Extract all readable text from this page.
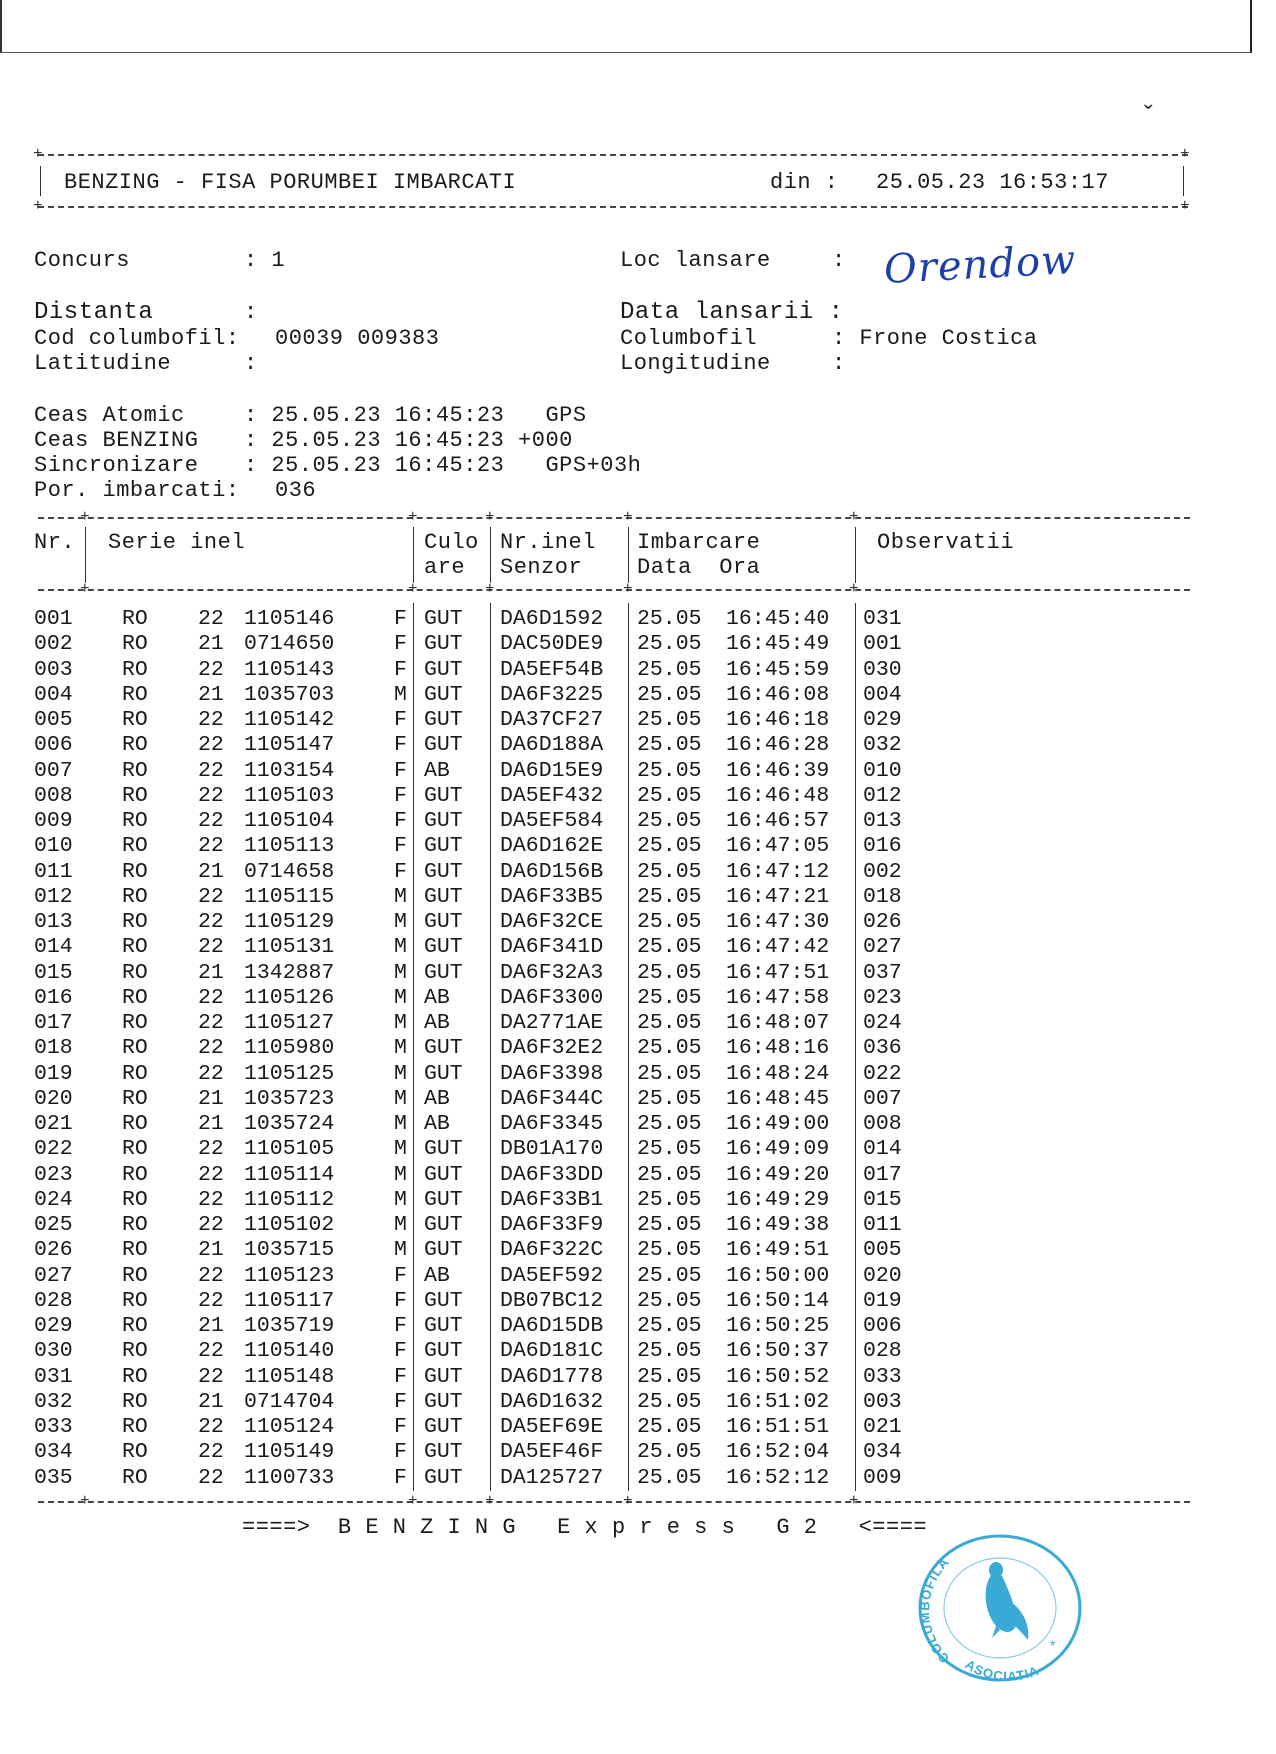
ˇ
+	+
+	+
BENZING - FISA PORUMBEI IMBARCATI	din : 25.05.23 16:53:17
Concurs	: 1	Loc lansare	: Orendow
Distanta	:	Data lansarii :
Cod columbofil: 00039 009383	Columbofil	: Frone Costica
Latitudine	:	Longitudine	:
Ceas Atomic	: 25.05.23 16:45:23   GPS
Ceas BENZING : 25.05.23 16:45:23 +000
Sincronizare : 25.05.23 16:45:23   GPS+03h
Por. imbarcati: 036
+	+	+	+	+
+	+	+	+	+
+	+	+	+	+
Nr. Serie inel	Culo
are
Nr.inel
Senzor
Imbarcare
Data  Ora
Observatii
001 RO 22 1105146	F GUT DA6D1592 25.05 16:45:40 031
002 RO 21 0714650	F GUT DAC50DE9 25.05 16:45:49 001
003 RO 22 1105143	F GUT DA5EF54B 25.05 16:45:59 030
004 RO 21 1035703	M GUT DA6F3225 25.05 16:46:08 004
005 RO 22 1105142	F GUT DA37CF27 25.05 16:46:18 029
006 RO 22 1105147	F GUT DA6D188A 25.05 16:46:28 032
007 RO 22 1103154	F AB DA6D15E9 25.05 16:46:39 010
008 RO 22 1105103	F GUT DA5EF432 25.05 16:46:48 012
009 RO 22 1105104	F GUT DA5EF584 25.05 16:46:57 013
010 RO 22 1105113	F GUT DA6D162E 25.05 16:47:05 016
011 RO 21 0714658	F GUT DA6D156B 25.05 16:47:12 002
012 RO 22 1105115	M GUT DA6F33B5 25.05 16:47:21 018
013 RO 22 1105129	M GUT DA6F32CE 25.05 16:47:30 026
014 RO 22 1105131	M GUT DA6F341D 25.05 16:47:42 027
015 RO 21 1342887	M GUT DA6F32A3 25.05 16:47:51 037
016 RO 22 1105126	M AB DA6F3300 25.05 16:47:58 023
017 RO 22 1105127	M AB DA2771AE 25.05 16:48:07 024
018 RO 22 1105980	M GUT DA6F32E2 25.05 16:48:16 036
019 RO 22 1105125	M GUT DA6F3398 25.05 16:48:24 022
020 RO 21 1035723	M AB DA6F344C 25.05 16:48:45 007
021 RO 21 1035724	M AB DA6F3345 25.05 16:49:00 008
022 RO 22 1105105	M GUT DB01A170 25.05 16:49:09 014
023 RO 22 1105114	M GUT DA6F33DD 25.05 16:49:20 017
024 RO 22 1105112	M GUT DA6F33B1 25.05 16:49:29 015
025 RO 22 1105102	M GUT DA6F33F9 25.05 16:49:38 011
026 RO 21 1035715	M GUT DA6F322C 25.05 16:49:51 005
027 RO 22 1105123	F AB DA5EF592 25.05 16:50:00 020
028 RO 22 1105117	F GUT DB07BC12 25.05 16:50:14 019
029 RO 21 1035719	F GUT DA6D15DB 25.05 16:50:25 006
030 RO 22 1105140	F GUT DA6D181C 25.05 16:50:37 028
031 RO 22 1105148	F GUT DA6D1778 25.05 16:50:52 033
032 RO 21 0714704	F GUT DA6D1632 25.05 16:51:02 003
033 RO 22 1105124	F GUT DA5EF69E 25.05 16:51:51 021
034 RO 22 1105149	F GUT DA5EF46F 25.05 16:52:04 034
035 RO 22 1100733	F GUT DA125727 25.05 16:52:12 009
====>  B E N Z I N G   E x p r e s s   G 2   <====
COLUMBOFILA
ASOCIATIA
*
